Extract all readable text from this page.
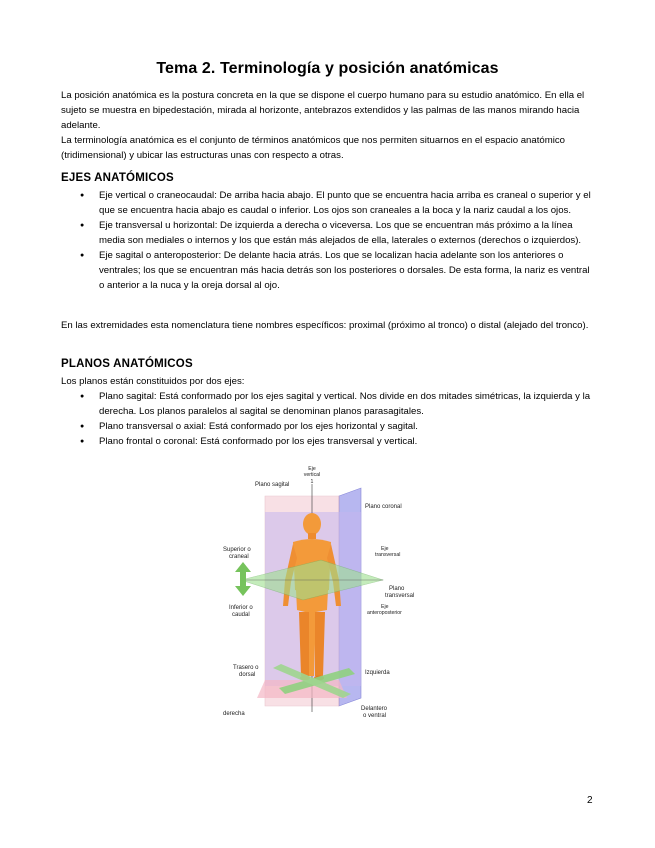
Tema 2. Terminología y posición anatómicas

La posición anatómica es la postura concreta en la que se dispone el cuerpo humano para su estudio anatómico. En ella el sujeto se muestra en bipedestación, mirada al horizonte, antebrazos extendidos y las palmas de las manos mirando hacia adelante.

La terminología anatómica es el conjunto de términos anatómicos que nos permiten situarnos en el espacio anatómico (tridimensional) y ubicar las estructuras unas con respecto a otras.

EJES ANATÓMICOS
● Eje vertical o craneocaudal: De arriba hacia abajo. El punto que se encuentra hacia arriba es craneal o superior y el que se encuentra hacia abajo es caudal o inferior. Los ojos son craneales a la boca y la nariz caudal a los ojos.
● Eje transversal u horizontal: De izquierda a derecha o viceversa. Los que se encuentran más próximo a la línea media son mediales o internos y los que están más alejados de ella, laterales o externos (derechos o izquierdos).
● Eje sagital o anteroposterior: De delante hacia atrás. Los que se localizan hacia adelante son los anteriores o ventrales; los que se encuentran más hacia detrás son los posteriores o dorsales. De esta forma, la nariz es ventral o anterior a la nuca y la oreja dorsal al ojo.

En las extremidades esta nomenclatura tiene nombres específicos: proximal (próximo al tronco) o distal (alejado del tronco).

PLANOS ANATÓMICOS

Los planos están constituidos por dos ejes:

● Plano sagital: Está conformado por los ejes sagital y vertical. Nos divide en dos mitades simétricas, la izquierda y la derecha. Los planos paralelos al sagital se denominan planos parasagitales.
● Plano transversal o axial: Está conformado por los ejes horizontal y sagital.
● Plano frontal o coronal: Está conformado por los ejes transversal y vertical.
Eje
vertical
1
Plano sagital
Plano coronal
Superior o
craneal
Eje
transversal
Plano
transversal
Eje
anteroposterior
Inferior o
caudal
Trasero o
dorsal	Izquierda
derecha
Delantero
o ventral
2
